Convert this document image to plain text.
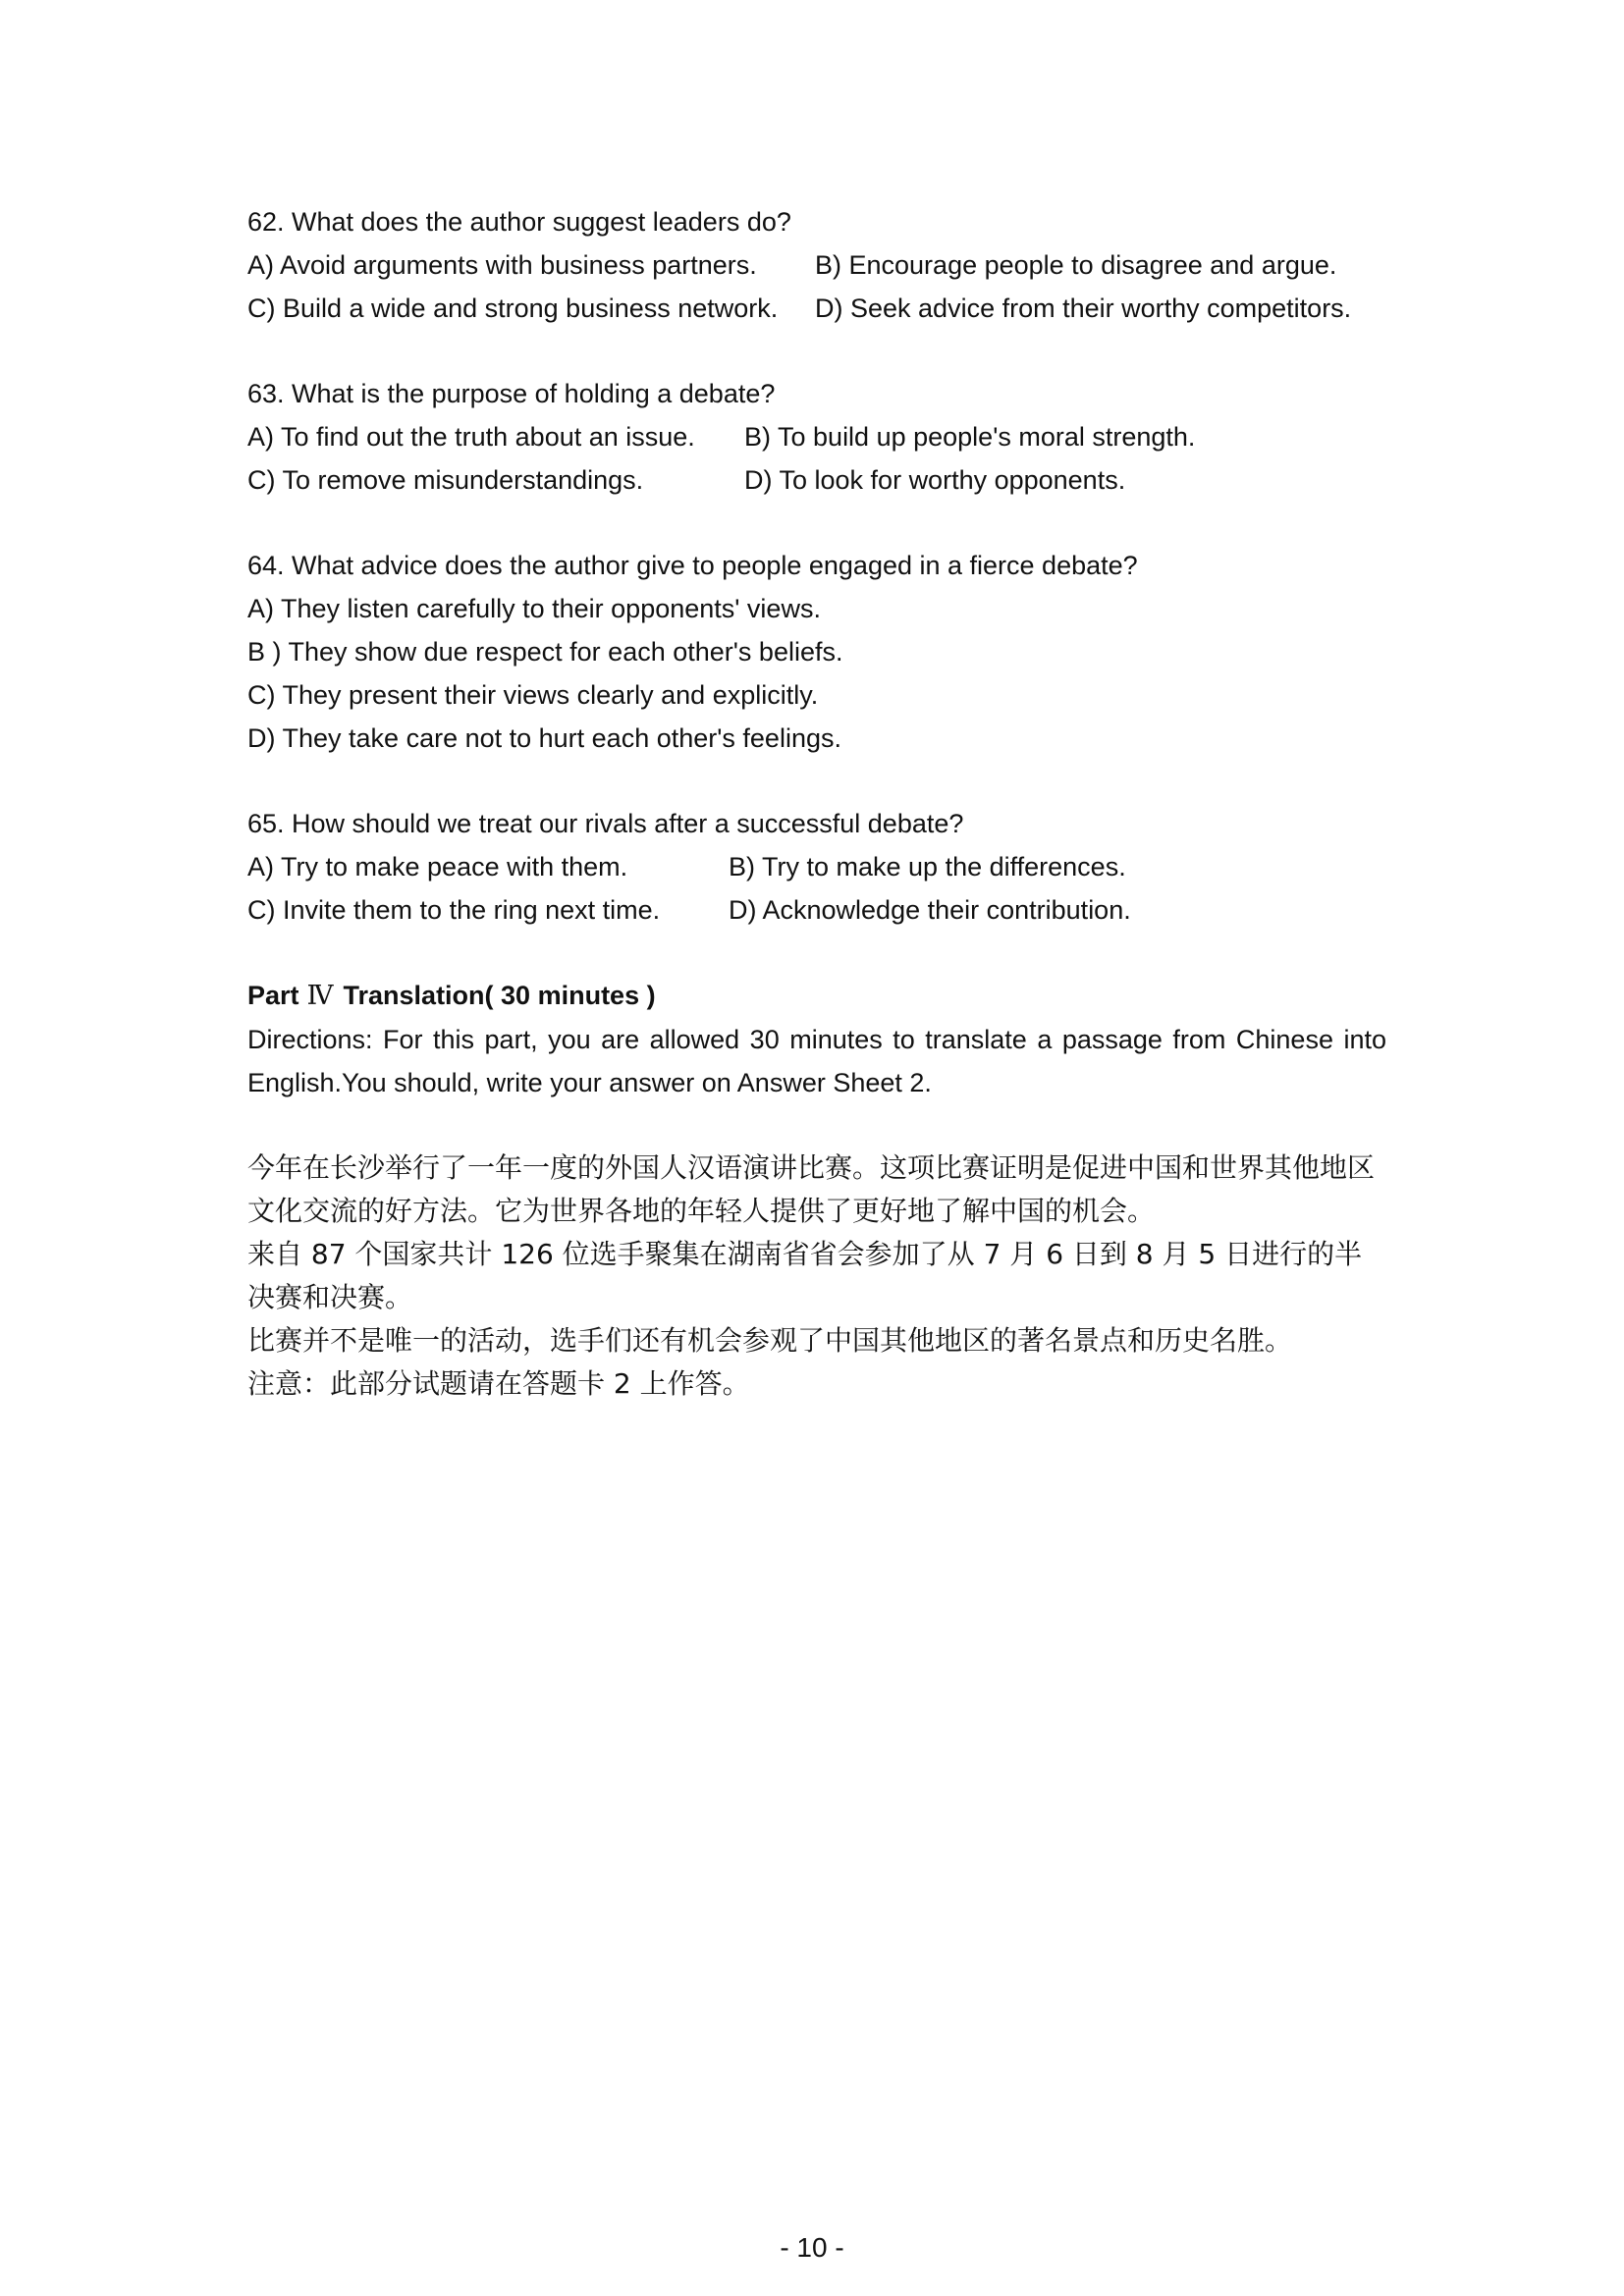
62. What does the author suggest leaders do?
A) Avoid arguments with business partners.	B) Encourage people to disagree and argue.
C) Build a wide and strong business network.	D) Seek advice from their worthy competitors.
63. What is the purpose of holding a debate?
A) To find out the truth about an issue.	B) To build up people's moral strength.
C) To remove misunderstandings.	D) To look for worthy opponents.
64. What advice does the author give to people engaged in a fierce debate?
A) They listen carefully to their opponents' views.
B ) They show due respect for each other's beliefs.
C) They present their views clearly and explicitly.
D) They take care not to hurt each other's feelings.
65. How should we treat our rivals after a successful debate?
A) Try to make peace with them.	B) Try to make up the differences.
C) Invite them to the ring next time.	D) Acknowledge their contribution.
Part Ⅳ Translation( 30 minutes )
Directions: For this part, you are allowed 30 minutes to translate a passage from Chinese into English.You should, write your answer on Answer Sheet 2.

今年在长沙举行了一年一度的外国人汉语演讲比赛。这项比赛证明是促进中国和世界其他地区文化交流的好方法。它为世界各地的年轻人提供了更好地了解中国的机会。

来自 87 个国家共计 126 位选手聚集在湖南省省会参加了从 7 月 6 日到 8 月 5 日进行的半决赛和决赛。

比赛并不是唯一的活动，选手们还有机会参观了中国其他地区的著名景点和历史名胜。

注意：此部分试题请在答题卡 2 上作答。

- 10 -
